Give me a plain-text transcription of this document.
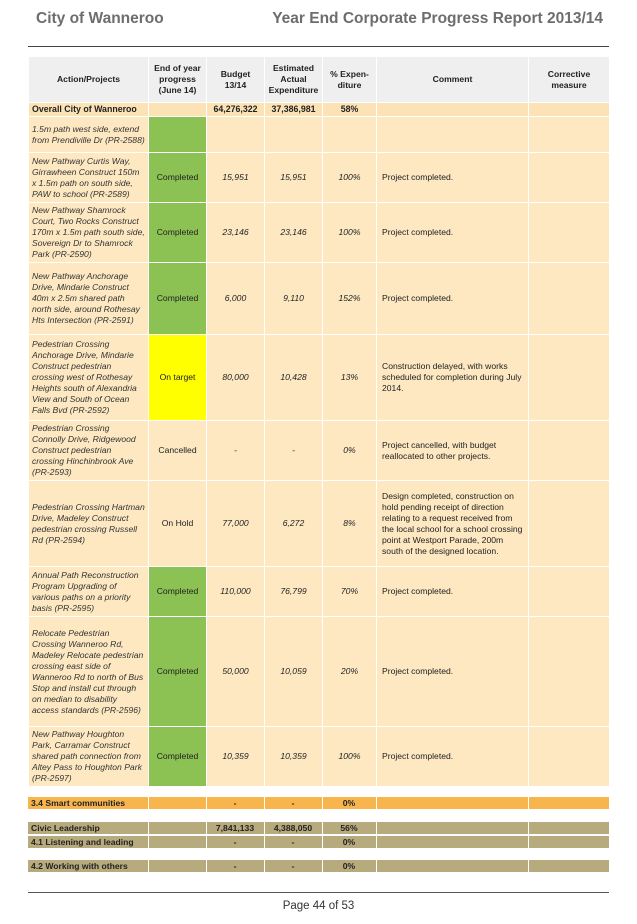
City of Wanneroo	Year End Corporate Progress Report 2013/14
Action/Projects	End of year progress (June 14)	Budget 13/14	Estimated Actual Expenditure	% Expen-diture	Comment	Corrective measure
Overall City of Wanneroo		64,276,322	37,386,981	58%		
1.5m path west side, extend from Prendiville Dr (PR-2588)						
New Pathway Curtis Way, Girrawheen Construct 150m x 1.5m path on south side, PAW to school (PR-2589)	Completed	15,951	15,951	100%	Project completed.	
New Pathway Shamrock Court, Two Rocks Construct 170m x 1.5m path south side, Sovereign Dr to Shamrock Park (PR-2590)	Completed	23,146	23,146	100%	Project completed.	
New Pathway Anchorage Drive, Mindarie Construct 40m x 2.5m shared path north side, around Rothesay Hts Intersection (PR-2591)	Completed	6,000	9,110	152%	Project completed.	
Pedestrian Crossing Anchorage Drive, Mindarie Construct pedestrian crossing west of Rothesay Heights south of Alexandria View and South of Ocean Falls Bvd (PR-2592)	On target	80,000	10,428	13%	Construction delayed, with works scheduled for completion during July 2014.	
Pedestrian Crossing Connolly Drive, Ridgewood Construct pedestrian crossing Hinchinbrook Ave (PR-2593)	Cancelled	-	-	0%	Project cancelled, with budget reallocated to other projects.	
Pedestrian Crossing Hartman Drive, Madeley Construct pedestrian crossing Russell Rd (PR-2594)	On Hold	77,000	6,272	8%	Design completed, construction on hold pending receipt of direction relating to a request received from the local school for a school crossing point at Westport Parade, 200m south of the designed location.	
Annual Path Reconstruction Program Upgrading of various paths on a priority basis (PR-2595)	Completed	110,000	76,799	70%	Project completed.	
Relocate Pedestrian Crossing Wanneroo Rd, Madeley Relocate pedestrian crossing east side of Wanneroo Rd to north of Bus Stop and install cut through on median to disability access standards (PR-2596)	Completed	50,000	10,059	20%	Project completed.	
New Pathway Houghton Park, Carramar Construct shared path connection from Altey Pass to Houghton Park (PR-2597)	Completed	10,359	10,359	100%	Project completed.	
3.4 Smart communities		-	-	0%		
Civic Leadership		7,841,133	4,388,050	56%		
4.1 Listening and leading		-	-	0%		
4.2 Working with others		-	-	0%		
Page 44 of 53
